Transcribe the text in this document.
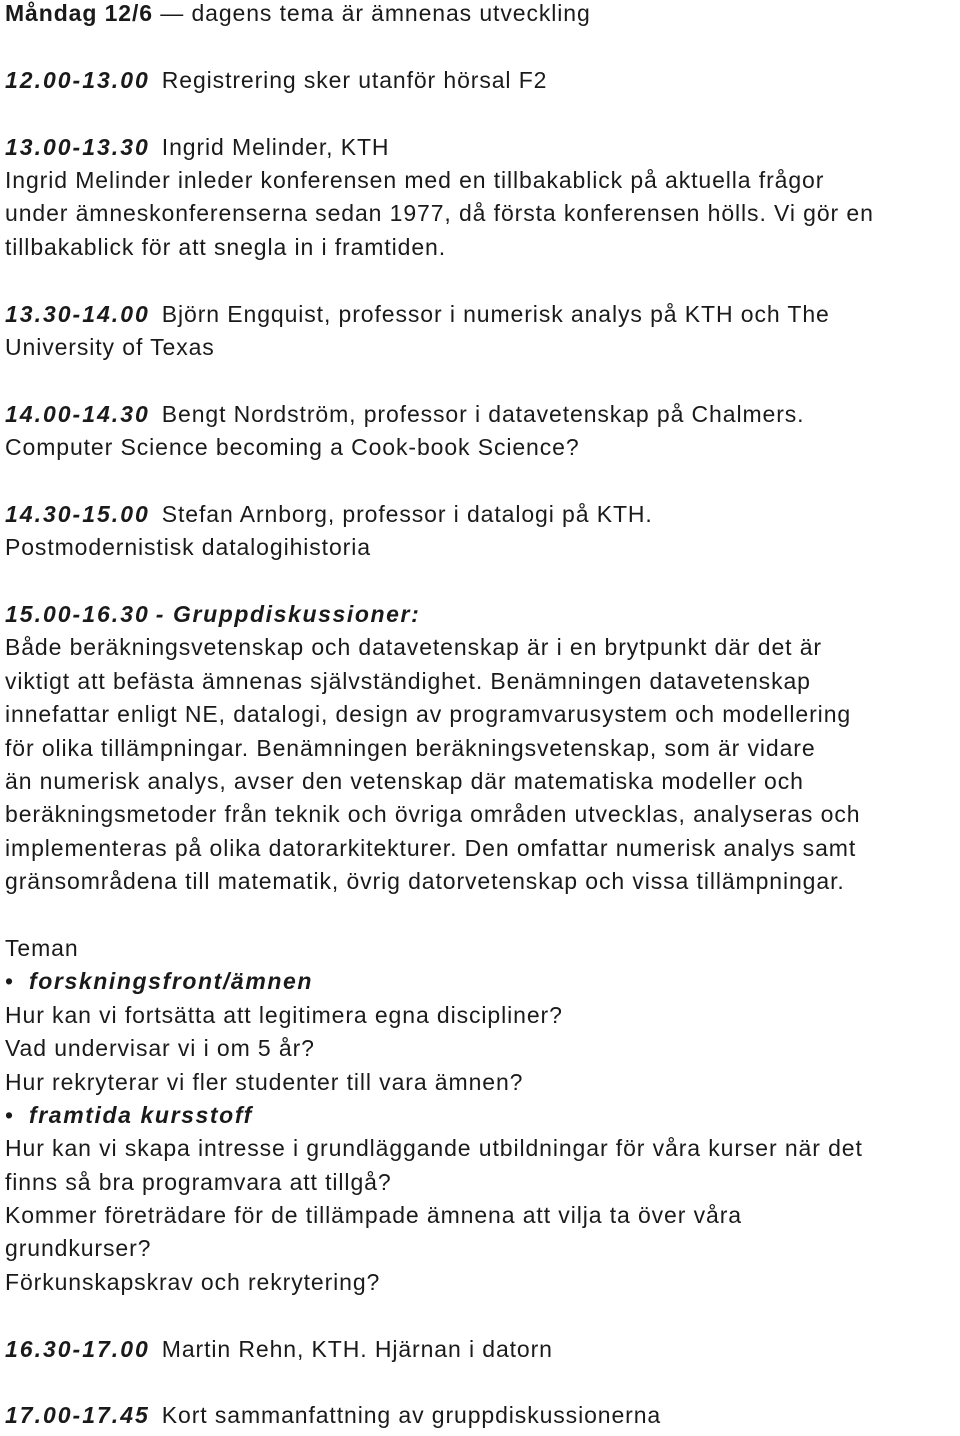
Måndag 12/6 — dagens tema är ämnenas utveckling
12.00-13.00 Registrering sker utanför hörsal F2
13.00-13.30 Ingrid Melinder, KTH
Ingrid Melinder inleder konferensen med en tillbakablick på aktuella frågor
under ämneskonferenserna sedan 1977, då första konferensen hölls. Vi gör en
tillbakablick för att snegla in i framtiden.
13.30-14.00 Björn Engquist, professor i numerisk analys på KTH och The
University of Texas
14.00-14.30 Bengt Nordström, professor i datavetenskap på Chalmers.
Computer Science becoming a Cook-book Science?
14.30-15.00 Stefan Arnborg, professor i datalogi på KTH.
Postmodernistisk datalogihistoria
15.00-16.30 - Gruppdiskussioner:
Både beräkningsvetenskap och datavetenskap är i en brytpunkt där det är
viktigt att befästa ämnenas självständighet. Benämningen datavetenskap
innefattar enligt NE, datalogi, design av programvarusystem och modellering
för olika tillämpningar. Benämningen beräkningsvetenskap, som är vidare
än numerisk analys, avser den vetenskap där matematiska modeller och
beräkningsmetoder från teknik och övriga områden utvecklas, analyseras och
implementeras på olika datorarkitekturer. Den omfattar numerisk analys samt
gränsområdena till matematik, övrig datorvetenskap och vissa tillämpningar.
Teman
• forskningsfront/ämnen
Hur kan vi fortsätta att legitimera egna discipliner?
Vad undervisar vi i om 5 år?
Hur rekryterar vi fler studenter till vara ämnen?
• framtida kursstoff
Hur kan vi skapa intresse i grundläggande utbildningar för våra kurser när det
finns så bra programvara att tillgå?
Kommer företrädare för de tillämpade ämnena att vilja ta över våra
grundkurser?
Förkunskapskrav och rekrytering?
16.30-17.00 Martin Rehn, KTH. Hjärnan i datorn
17.00-17.45 Kort sammanfattning av gruppdiskussionerna
